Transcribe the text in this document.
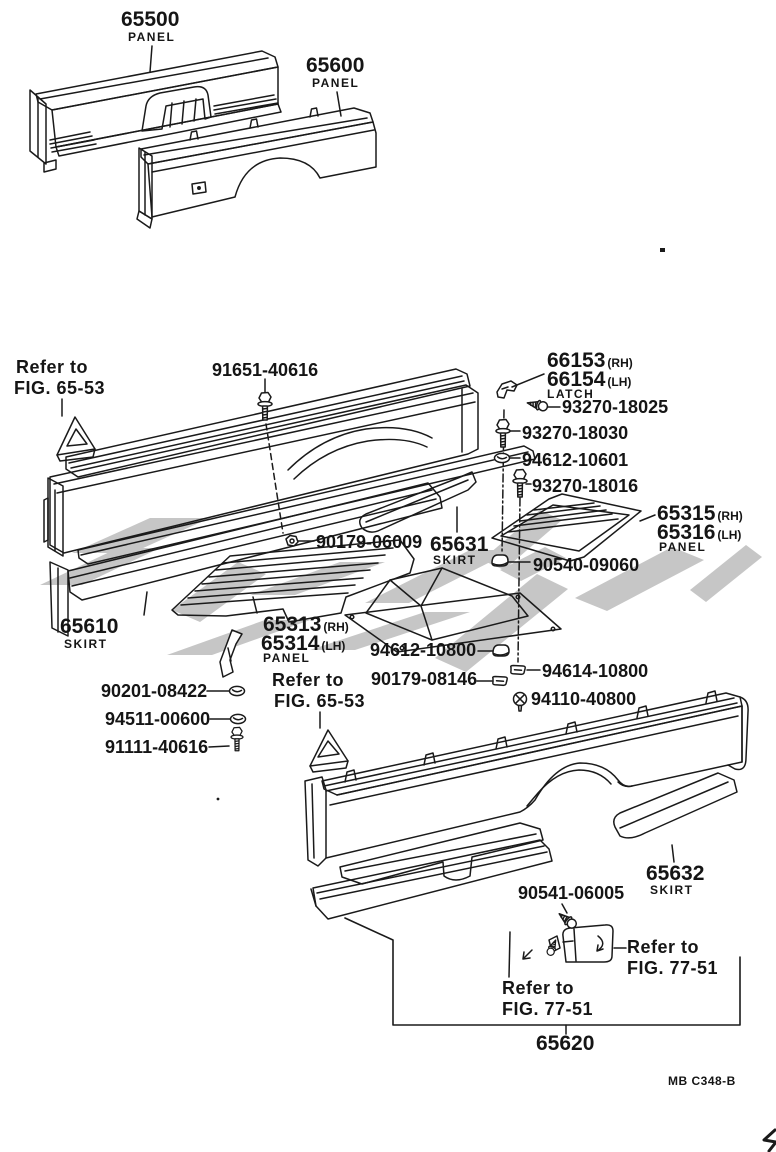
65500
PANEL
65600
PANEL
Refer to
FIG. 65-53
91651-40616	66153 (RH)
66154 (LH)
LATCH
93270-18025
93270-18030
94612-10601
93270-18016
65315 (RH)
65316 (LH)
PANEL
90179-06009 65631
SKIRT	90540-09060
65610
SKIRT
65313 (RH)
65314 (LH)
PANEL	94612-10800
Refer to
FIG. 65-53
90179-08146
90201-08422
94511-00600
91111-40616
94614-10800
94110-40800
65632
SKIRT
90541-06005
Refer to
FIG. 77-51
Refer to
FIG. 77-51
65620
MB C348-B
